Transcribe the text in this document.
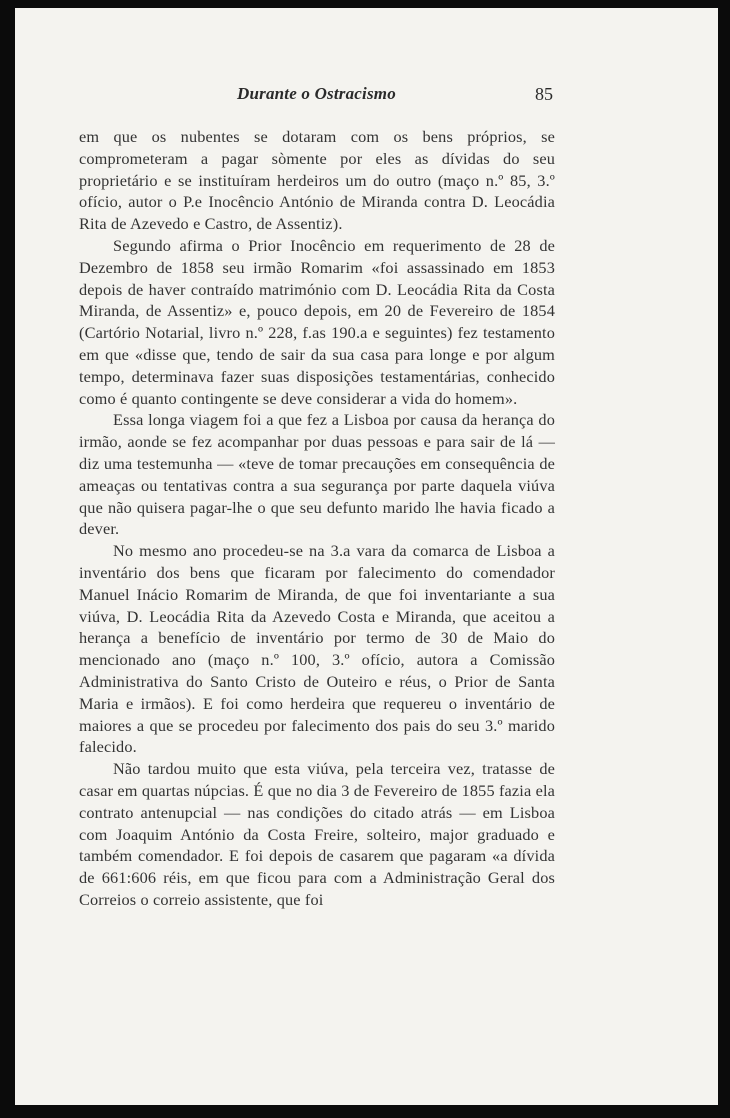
Durante o Ostracismo	85

em que os nubentes se dotaram com os bens próprios, se comprometeram a pagar sòmente por eles as dívidas do seu proprietário e se instituíram herdeiros um do outro (maço n.º 85, 3.º ofício, autor o P.e Inocêncio António de Miranda contra D. Leocádia Rita de Azevedo e Castro, de Assentiz).

Segundo afirma o Prior Inocêncio em requerimento de 28 de Dezembro de 1858 seu irmão Romarim «foi assassinado em 1853 depois de haver contraído matrimónio com D. Leocádia Rita da Costa Miranda, de Assentiz» e, pouco depois, em 20 de Fevereiro de 1854 (Cartório Notarial, livro n.º 228, f.as 190.a e seguintes) fez testamento em que «disse que, tendo de sair da sua casa para longe e por algum tempo, determinava fazer suas disposições testamentárias, conhecido como é quanto contingente se deve considerar a vida do homem».

Essa longa viagem foi a que fez a Lisboa por causa da herança do irmão, aonde se fez acompanhar por duas pessoas e para sair de lá — diz uma testemunha — «teve de tomar precauções em consequência de ameaças ou tentativas contra a sua segurança por parte daquela viúva que não quisera pagar-lhe o que seu defunto marido lhe havia ficado a dever.

No mesmo ano procedeu-se na 3.a vara da comarca de Lisboa a inventário dos bens que ficaram por falecimento do comendador Manuel Inácio Romarim de Miranda, de que foi inventariante a sua viúva, D. Leocádia Rita da Azevedo Costa e Miranda, que aceitou a herança a benefício de inventário por termo de 30 de Maio do mencionado ano (maço n.º 100, 3.º ofício, autora a Comissão Administrativa do Santo Cristo de Outeiro e réus, o Prior de Santa Maria e irmãos). E foi como herdeira que requereu o inventário de maiores a que se procedeu por falecimento dos pais do seu 3.º marido falecido.

Não tardou muito que esta viúva, pela terceira vez, tratasse de casar em quartas núpcias. É que no dia 3 de Fevereiro de 1855 fazia ela contrato antenupcial — nas condições do citado atrás — em Lisboa com Joaquim António da Costa Freire, solteiro, major graduado e também comendador. E foi depois de casarem que pagaram «a dívida de 661:606 réis, em que ficou para com a Administração Geral dos Correios o correio assistente, que foi
